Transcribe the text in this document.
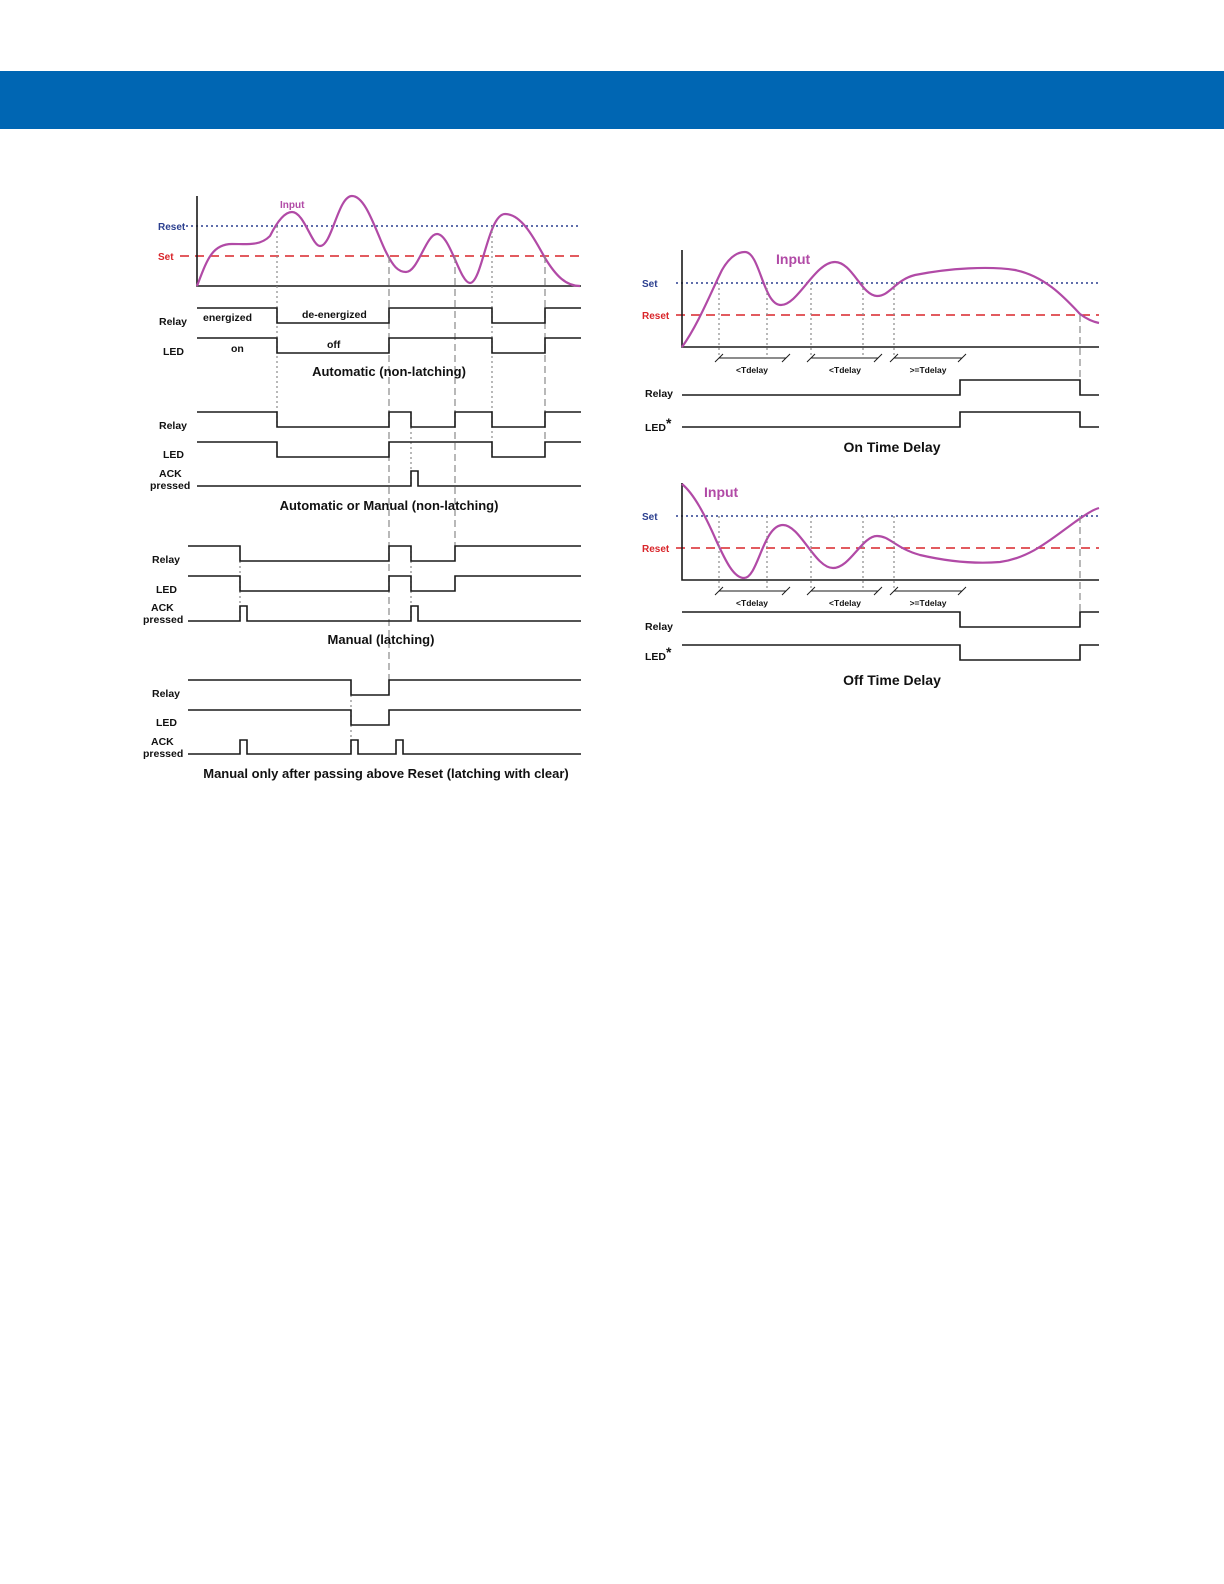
Input
Reset
Set
Relay
LED
energized	de-energized
on	off
Automatic (non-latching)
Relay
LED
ACK
pressed
Automatic or Manual (non-latching)
Relay
LED
ACK
pressed
Manual (latching)
Relay
LED
ACK
pressed
Manual only after passing above Reset (latching with clear)
<Tdelay	<Tdelay	>=Tdelay
Input
Set
Reset
Relay
LED *
On Time Delay
<Tdelay	<Tdelay	>=Tdelay
Input
Set
Reset
Relay
LED *
Off Time Delay
